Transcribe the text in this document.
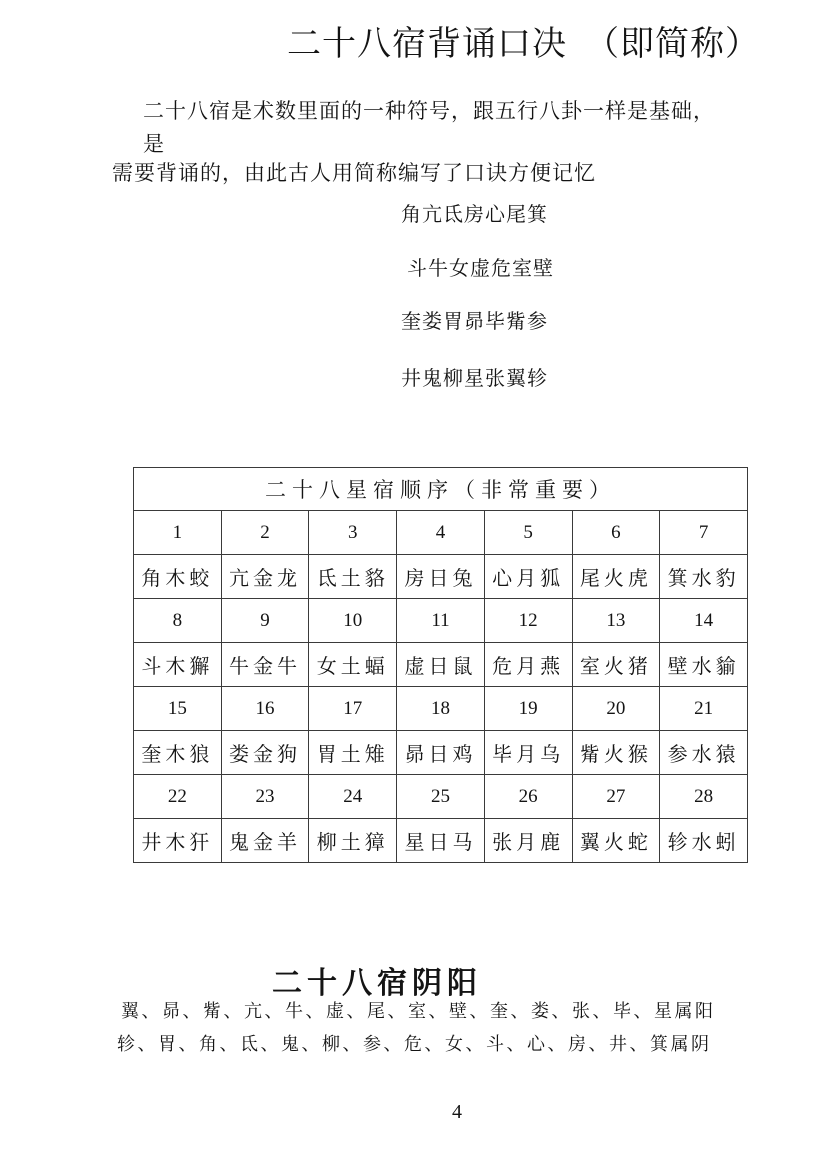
二十八宿背诵口决　（即简称）
二十八宿是术数里面的一种符号，跟五行八卦一样是基础，
是
需要背诵的，由此古人用简称编写了口诀方便记忆
角亢氐房心尾箕
斗牛女虚危室壁
奎娄胃昴毕觜参
井鬼柳星张翼轸
二十八星宿顺序（非常重要）						
1	2	3	4	5	6	7
角木蛟	亢金龙	氐土貉	房日兔	心月狐	尾火虎	箕水豹
8	9	10	11	12	13	14
斗木獬	牛金牛	女土蝠	虚日鼠	危月燕	室火猪	壁水貐
15	16	17	18	19	20	21
奎木狼	娄金狗	胃土雉	昴日鸡	毕月乌	觜火猴	参水猿
22	23	24	25	26	27	28
井木犴	鬼金羊	柳土獐	星日马	张月鹿	翼火蛇	轸水蚓
二十八宿阴阳
翼、昴、觜、亢、牛、虚、尾、室、壁、奎、娄、张、毕、星属阳
轸、胃、角、氐、鬼、柳、参、危、女、斗、心、房、井、箕属阴
4
